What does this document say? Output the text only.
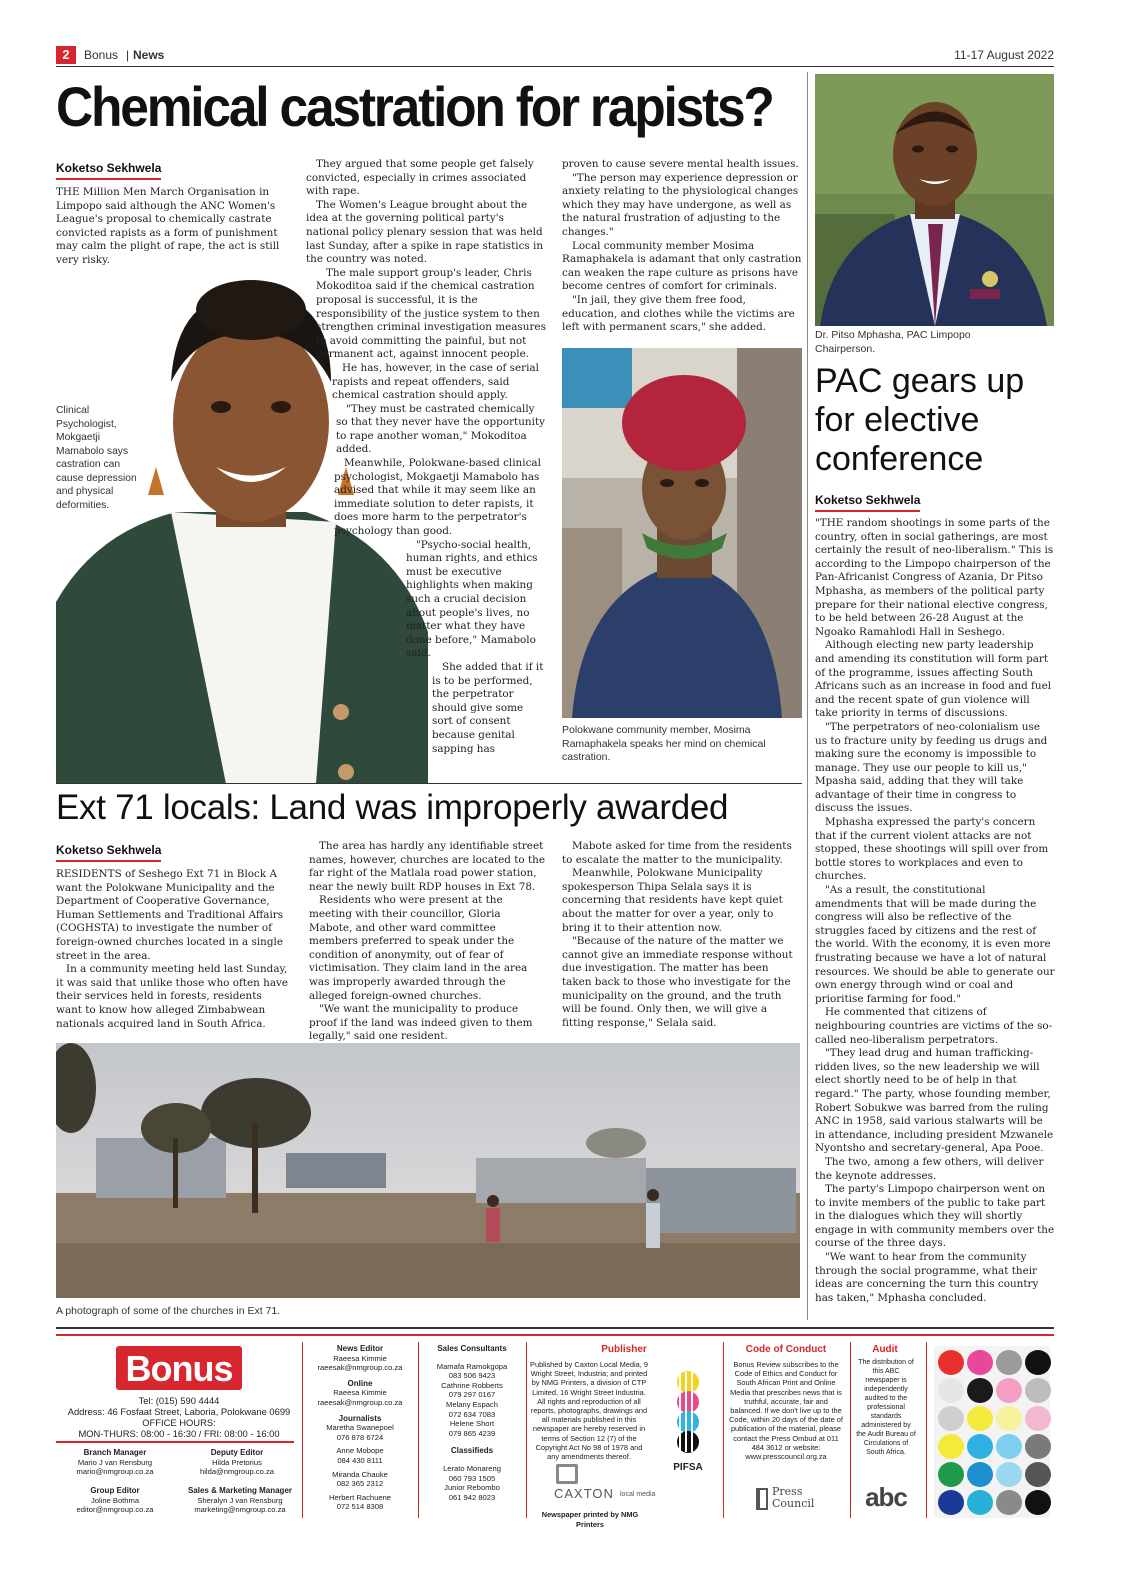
2	Bonus | News	11-17 August 2022
Chemical castration for rapists?
Koketso Sekhwela

THE Million Men March Organisation in Limpopo said although the ANC Women's League's proposal to chemically castrate convicted rapists as a form of punishment may calm the plight of rape, the act is still very risky.

Clinical Psychologist, Mokgaetji Mamabolo says castration can cause depression and physical deformities.

They argued that some people get falsely convicted, especially in crimes associated with rape.

The Women's League brought about the idea at the governing political party's national policy plenary session that was held last Sunday, after a spike in rape statistics in the country was noted.

The male support group's leader, Chris Mokoditoa said if the chemical castration proposal is successful, it is the responsibility of the justice system to then strengthen criminal investigation measures to avoid committing the painful, but not permanent act, against innocent people.

He has, however, in the case of serial rapists and repeat offenders, said chemical castration should apply.

"They must be castrated chemically so that they never have the opportunity to rape another woman," Mokoditoa added.

Meanwhile, Polokwane-based clinical psychologist, Mokgaetji Mamabolo has advised that while it may seem like an immediate solution to deter rapists, it does more harm to the perpetrator's psychology than good.

"Psycho-social health, human rights, and ethics must be executive highlights when making such a crucial decision about people's lives, no matter what they have done before," Mamabolo said.

She added that if it is to be performed, the perpetrator should give some sort of consent because genital sapping has

proven to cause severe mental health issues.

"The person may experience depression or anxiety relating to the physiological changes which they may have undergone, as well as the natural frustration of adjusting to the changes."

Local community member Mosima Ramaphakela is adamant that only castration can weaken the rape culture as prisons have become centres of comfort for criminals.

"In jail, they give them free food, education, and clothes while the victims are left with permanent scars," she added.

Polokwane community member, Mosima Ramaphakela speaks her mind on chemical castration.
Ext 71 locals: Land was improperly awarded
Koketso Sekhwela

RESIDENTS of Seshego Ext 71 in Block A want the Polokwane Municipality and the Department of Cooperative Governance, Human Settlements and Traditional Affairs (COGHSTA) to investigate the number of foreign-owned churches located in a single street in the area.

In a community meeting held last Sunday, it was said that unlike those who often have their services held in forests, residents want to know how alleged Zimbabwean nationals acquired land in South Africa.

The area has hardly any identifiable street names, however, churches are located to the far right of the Matlala road power station, near the newly built RDP houses in Ext 78.

Residents who were present at the meeting with their councillor, Gloria Mabote, and other ward committee members preferred to speak under the condition of anonymity, out of fear of victimisation. They claim land in the area was improperly awarded through the alleged foreign-owned churches.

"We want the municipality to produce proof if the land was indeed given to them legally," said one resident.

Mabote asked for time from the residents to escalate the matter to the municipality.

Meanwhile, Polokwane Municipality spokesperson Thipa Selala says it is concerning that residents have kept quiet about the matter for over a year, only to bring it to their attention now.

"Because of the nature of the matter we cannot give an immediate response without due investigation. The matter has been taken back to those who investigate for the municipality on the ground, and the truth will be found. Only then, we will give a fitting response," Selala said.

A photograph of some of the churches in Ext 71.
Dr. Pitso Mphasha, PAC Limpopo Chairperson.
PAC gears up for elective conference
Koketso Sekhwela

"THE random shootings in some parts of the country, often in social gatherings, are most certainly the result of neo-liberalism." This is according to the Limpopo chairperson of the Pan-Africanist Congress of Azania, Dr Pitso Mphasha, as members of the political party prepare for their national elective congress, to be held between 26-28 August at the Ngoako Ramahlodi Hall in Seshego.

Although electing new party leadership and amending its constitution will form part of the programme, issues affecting South Africans such as an increase in food and fuel and the recent spate of gun violence will take priority in terms of discussions.

"The perpetrators of neo-colonialism use us to fracture unity by feeding us drugs and making sure the economy is impossible to manage. They use our people to kill us," Mpasha said, adding that they will take advantage of their time in congress to discuss the issues.

Mphasha expressed the party's concern that if the current violent attacks are not stopped, these shootings will spill over from bottle stores to workplaces and even to churches.

"As a result, the constitutional amendments that will be made during the congress will also be reflective of the struggles faced by citizens and the rest of the world. With the economy, it is even more frustrating because we have a lot of natural resources. We should be able to generate our own energy through wind or coal and prioritise farming for food."

He commented that citizens of neighbouring countries are victims of the so-called neo-liberalism perpetrators.

"They lead drug and human trafficking-ridden lives, so the new leadership we will elect shortly need to be of help in that regard." The party, whose founding member, Robert Sobukwe was barred from the ruling ANC in 1958, said various stalwarts will be in attendance, including president Mzwanele Nyontsho and secretary-general, Apa Pooe.

The two, among a few others, will deliver the keynote addresses.

The party's Limpopo chairperson went on to invite members of the public to take part in the dialogues which they will shortly engage in with community members over the course of the three days.

"We want to hear from the community through the social programme, what their ideas are concerning the turn this country has taken," Mphasha concluded.

Bonus
Tel: (015) 590 4444
Address: 46 Fosfaat Street, Laboria, Polokwane 0699
OFFICE HOURS:
MON-THURS: 08:00 - 16:30 / FRI: 08:00 - 16:00
Branch Manager
Mario J van Rensburg
mario@nmgroup.co.za
Deputy Editor
Hilda Pretorius
hilda@nmgroup.co.za
Group Editor
Joline Bothma
editor@nmgroup.co.za
Sales & Marketing Manager
Sheralyn J van Rensburg
marketing@nmgroup.co.za
News Editor
Raeesa Kimmie
raeesak@nmgroup.co.za
Online
Raeesa Kimmie
raeesak@nmgroup.co.za
Journalists
Maretha Swanepoel
076 878 6724
Anne Mobope
084 430 8111
Miranda Chauke
082 365 2312
Herbert Rachuene
072 514 8308
Sales Consultants
Mamafa Ramokgopa
083 506 9423
Cathrine Robberts
079 297 0167
Melany Espach
072 634 7083
Helene Short
079 865 4239
Classifieds
Lerato Monareng
060 793 1505
Junior Rebombo
061 942 8023
Publisher
Published by Caxton Local Media, 9 Wright Street, Industria; and printed by NMG Printers, a division of CTP Limited, 16 Wright Street Industria. All rights and reproduction of all reports, photographs, drawings and all materials published in this newspaper are hereby reserved in terms of Section 12 (7) of the Copyright Act No 98 of 1978 and any amendments thereof.
PIFSA
CAXTON local media
Newspaper printed by NMG Printers
Code of Conduct
Bonus Review subscribes to the Code of Ethics and Conduct for South African Print and Online Media that prescribes news that is truthful, accurate, fair and balanced. If we don't live up to the Code, within 20 days of the date of publication of the material, please contact the Press Ombud at 011 484 3612 or website: www.presscouncil.org.za
Press Council
Audit
The distribution of this ABC newspaper is independently audited to the professional standards administered by the Audit Bureau of Circulations of South Africa.
abc
